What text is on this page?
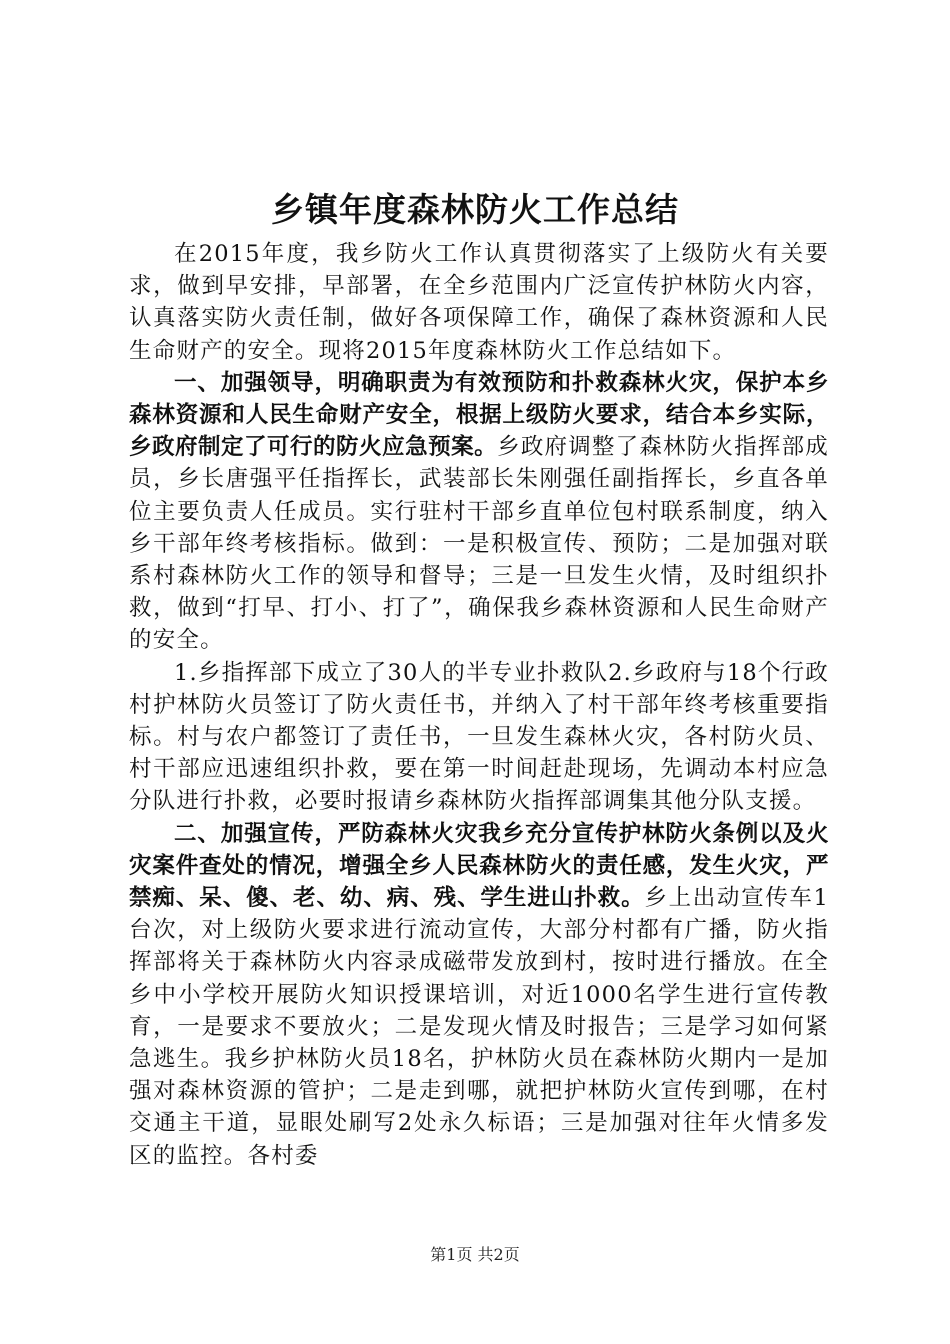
乡镇年度森林防火工作总结

在2015年度，我乡防火工作认真贯彻落实了上级防火有关要求，做到早安排，早部署，在全乡范围内广泛宣传护林防火内容，认真落实防火责任制，做好各项保障工作，确保了森林资源和人民生命财产的安全。现将2015年度森林防火工作总结如下。

一、加强领导，明确职责为有效预防和扑救森林火灾，保护本乡森林资源和人民生命财产安全，根据上级防火要求，结合本乡实际，乡政府制定了可行的防火应急预案。乡政府调整了森林防火指挥部成员，乡长唐强平任指挥长，武装部长朱刚强任副指挥长，乡直各单位主要负责人任成员。实行驻村干部乡直单位包村联系制度，纳入乡干部年终考核指标。做到：一是积极宣传、预防；二是加强对联系村森林防火工作的领导和督导；三是一旦发生火情，及时组织扑救，做到“打早、打小、打了”，确保我乡森林资源和人民生命财产的安全。

1.乡指挥部下成立了30人的半专业扑救队2.乡政府与18个行政村护林防火员签订了防火责任书，并纳入了村干部年终考核重要指标。村与农户都签订了责任书，一旦发生森林火灾，各村防火员、村干部应迅速组织扑救，要在第一时间赶赴现场，先调动本村应急分队进行扑救，必要时报请乡森林防火指挥部调集其他分队支援。

二、加强宣传，严防森林火灾我乡充分宣传护林防火条例以及火灾案件查处的情况，增强全乡人民森林防火的责任感，发生火灾，严禁痴、呆、傻、老、幼、病、残、学生进山扑救。乡上出动宣传车1台次，对上级防火要求进行流动宣传，大部分村都有广播，防火指挥部将关于森林防火内容录成磁带发放到村，按时进行播放。在全乡中小学校开展防火知识授课培训，对近1000名学生进行宣传教育，一是要求不要放火；二是发现火情及时报告；三是学习如何紧急逃生。我乡护林防火员18名，护林防火员在森林防火期内一是加强对森林资源的管护；二是走到哪，就把护林防火宣传到哪，在村交通主干道，显眼处刷写2处永久标语；三是加强对往年火情多发区的监控。各村委

第1页 共2页
